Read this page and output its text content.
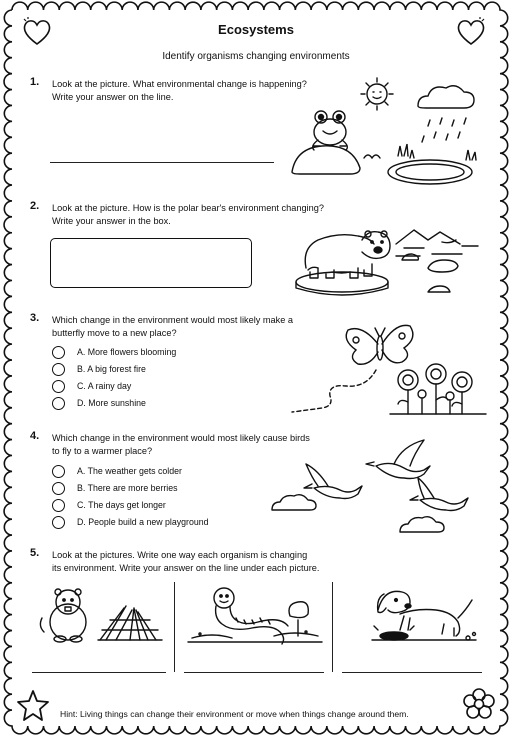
Ecosystems
Identify organisms changing environments
1. Look at the picture. What environmental change is happening?
Write your answer on the line.
2. Look at the picture. How is the polar bear's environment changing?
Write your answer in the box.
3. Which change in the environment would most likely make a
butterfly move to a new place?
A. More flowers blooming
B. A big forest fire
C. A rainy day
D. More sunshine
4. Which change in the environment would most likely cause birds
to fly to a warmer place?
A. The weather gets colder
B. There are more berries
C. The days get longer
D. People build a new playground
5. Look at the pictures. Write one way each organism is changing
its environment. Write your answer on the line under each picture.
Hint: Living things can change their environment or move when things change around them.
